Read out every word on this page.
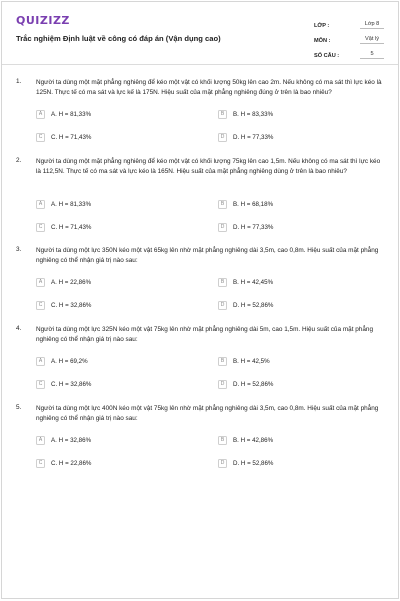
QUIZIZZ
Trắc nghiệm Định luật về công có đáp án (Vận dụng cao)
LỚP :	Lớp 8
MÔN :	Vật lý
SỐ CÂU :	5
1. Người ta dùng một mặt phẳng nghiêng để kéo một vật có khối lượng 50kg lên cao 2m. Nếu không có ma sát thì lực kéo là 125N. Thực tế có ma sát và lực kế là 175N. Hiệu suất của mặt phẳng nghiêng đúng ở trên là bao nhiêu?
A	A. H = 81,33%	B	B. H = 83,33%
C	C. H = 71,43%	D	D. H = 77,33%
2. Người ta dùng một mặt phẳng nghiêng để kéo một vật có khối lượng 75kg lên cao 1,5m. Nếu không có ma sát thì lực kéo là 112,5N. Thực tế có ma sát và lực kéo là 165N. Hiệu suất của mặt phẳng nghiêng dùng ở trên là bao nhiêu?
A	A. H = 81,33%	B	B. H = 68,18%
C	C. H = 71,43%	D	D. H = 77,33%
3. Người ta dùng một lực 350N kéo một vật 65kg lên nhờ mặt phẳng nghiêng dài 3,5m, cao 0,8m. Hiệu suất của mặt phẳng nghiêng có thể nhận giá trị nào sau:
A	A. H = 22,86%	B	B. H = 42,45%
C	C. H = 32,86%	D	D. H = 52,86%
4. Người ta dùng một lực 325N kéo một vật 75kg lên nhờ mặt phẳng nghiêng dài 5m, cao 1,5m. Hiệu suất của mặt phẳng nghiêng có thể nhận giá trị nào sau:
A	A. H = 69,2%	B	B. H = 42,5%
C	C. H = 32,86%	D	D. H = 52,86%
5. Người ta dùng một lực 400N kéo một vật 75kg lên nhờ mặt phẳng nghiêng dài 3,5m, cao 0,8m. Hiệu suất của mặt phẳng nghiêng có thể nhận giá trị nào sau:
A	A. H = 32,86%	B	B. H = 42,86%
C	C. H = 22,86%	D	D. H = 52,86%
